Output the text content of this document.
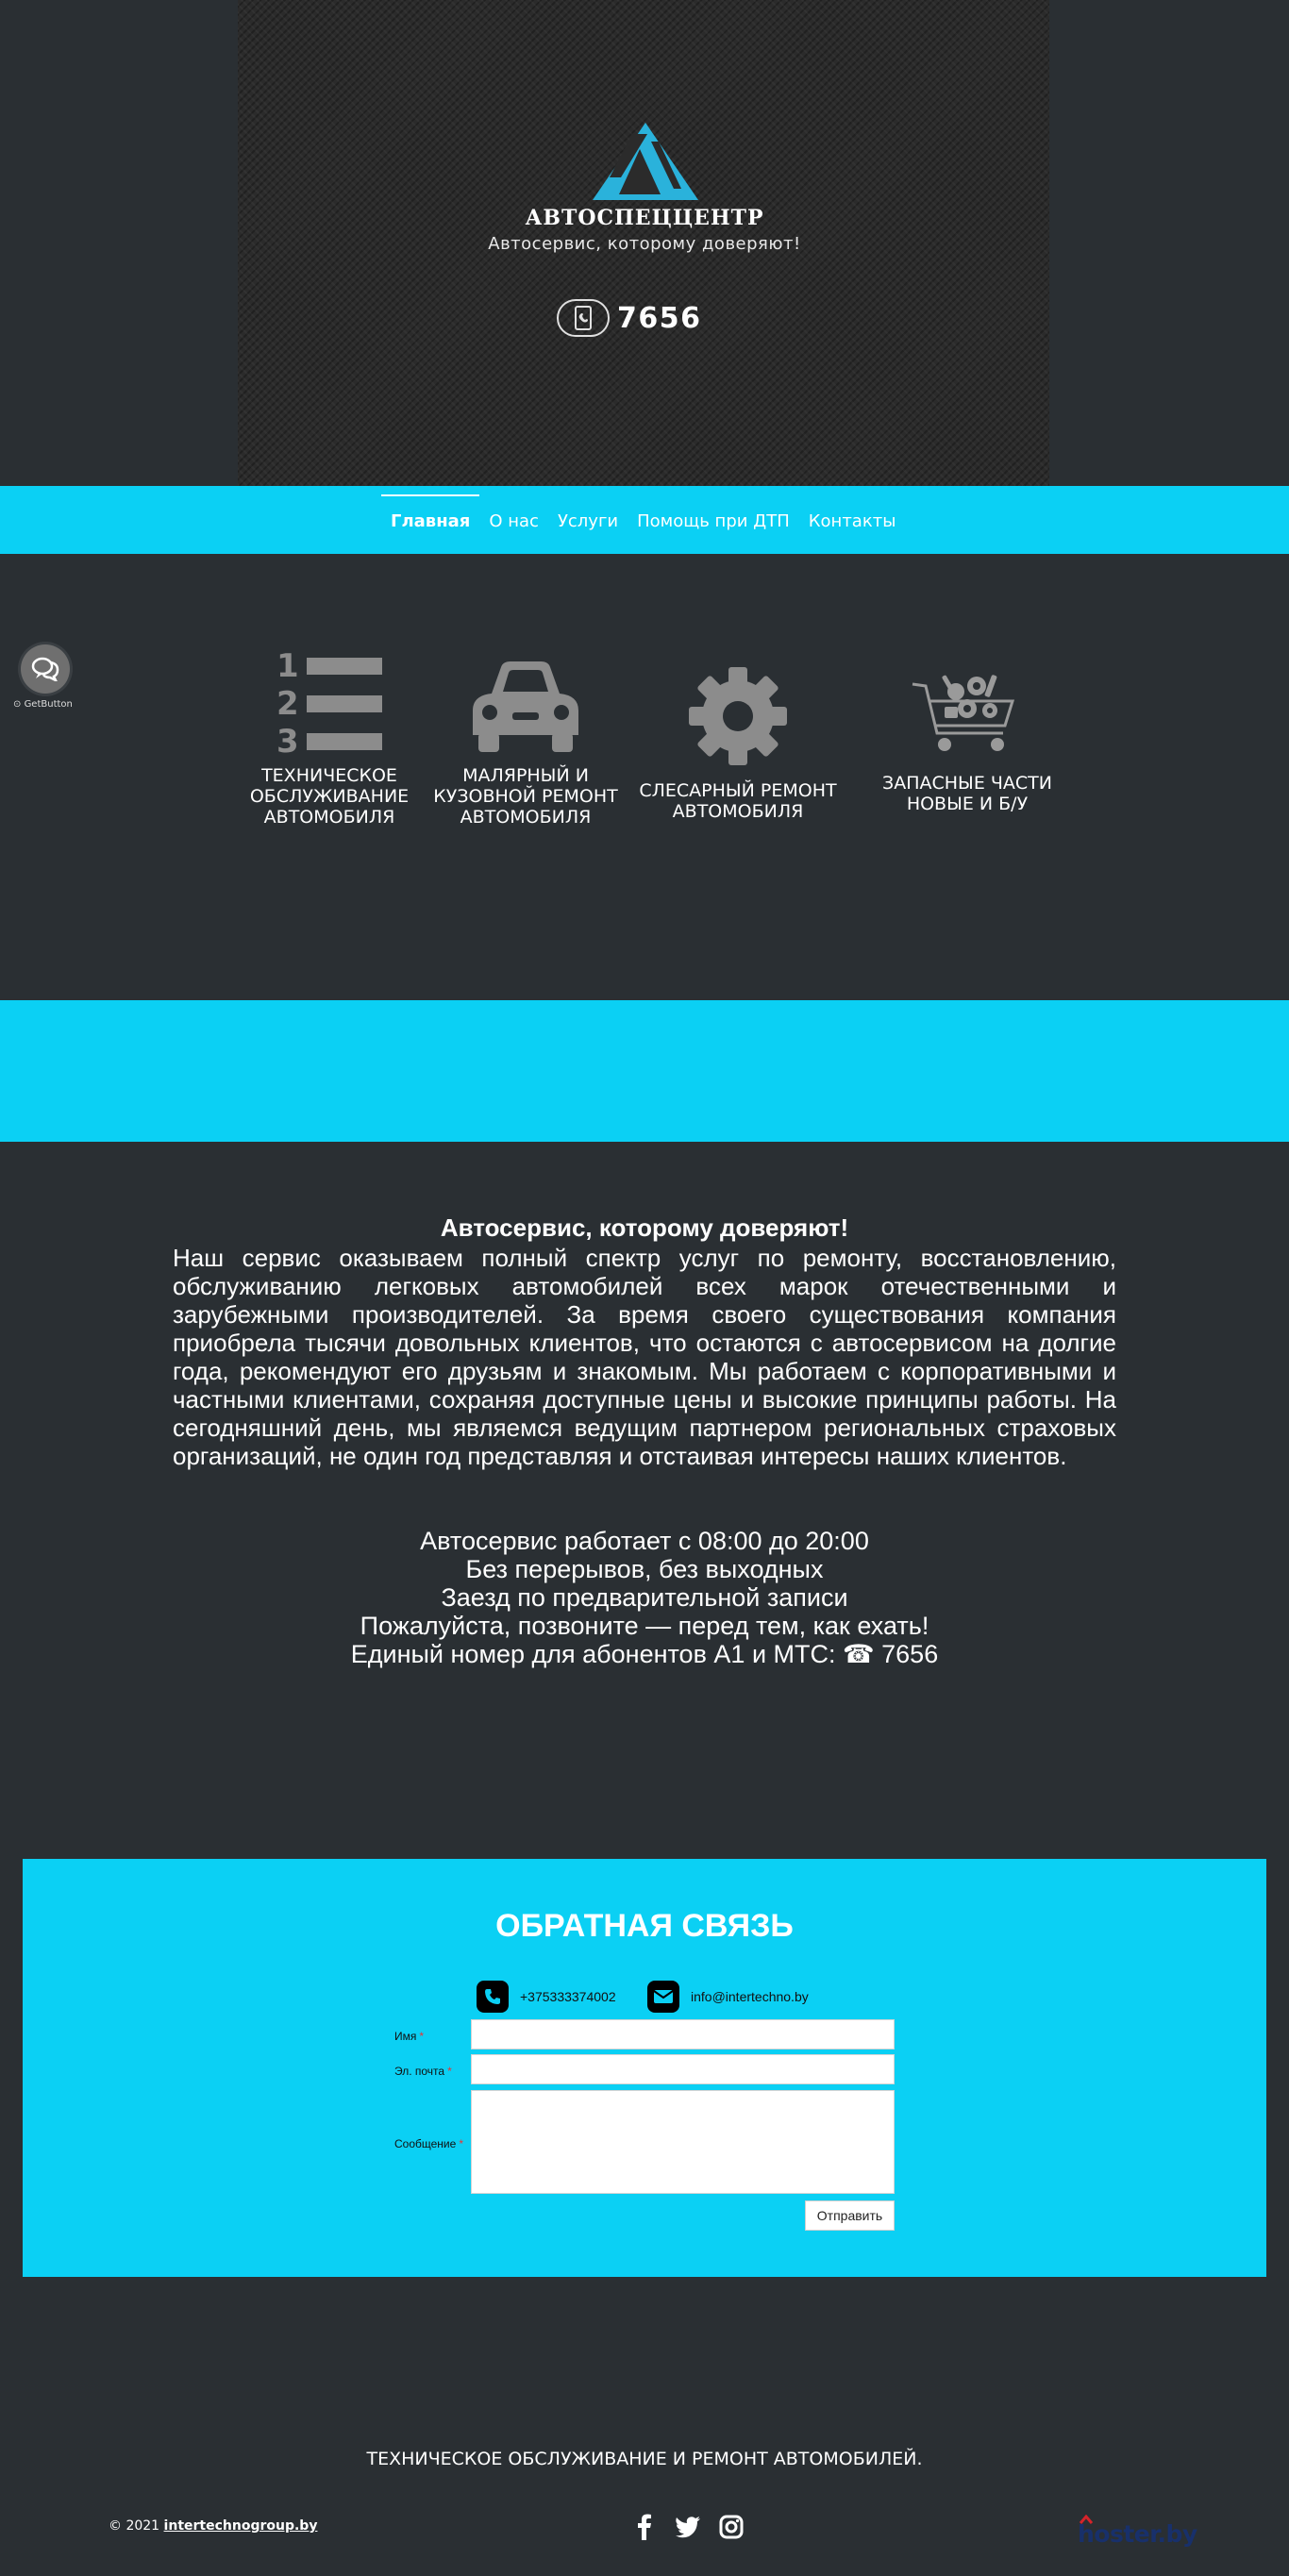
АВТОСПЕЦЦЕНТР
Автосервис, которому доверяют!
7656
Главная О нас Услуги Помощь при ДТП Контакты
1
2
3
ТЕХНИЧЕСКОЕ
ОБСЛУЖИВАНИЕ
АВТОМОБИЛЯ
МАЛЯРНЫЙ И
КУЗОВНОЙ РЕМОНТ
АВТОМОБИЛЯ
СЛЕСАРНЫЙ РЕМОНТ
АВТОМОБИЛЯ
ЗАПАСНЫЕ ЧАСТИ
НОВЫЕ И Б/У
Автосервис, которому доверяют!
Наш сервис оказываем полный спектр услуг по ремонту, восстановлению, обслуживанию легковых автомобилей всех марок отечественными и зарубежными производителей. За время своего существования компания приобрела тысячи довольных клиентов, что остаются с автосервисом на долгие года, рекомендуют его друзьям и знакомым. Мы работаем с корпоративными и частными клиентами, сохраняя доступные цены и высокие принципы работы. На сегодняшний день, мы являемся ведущим партнером региональных страховых организаций, не один год представляя и отстаивая интересы наших клиентов.
Автосервис работает с 08:00 до 20:00
Без перерывов, без выходных
Заезд по предварительной записи
Пожалуйста, позвоните — перед тем, как ехать!
Единый номер для абонентов А1 и МТС: ☎ 7656
ОБРАТНАЯ СВЯЗЬ
+375333374002	info@intertechno.by
Имя *
Эл. почта *
Сообщение *
Отправить
ТЕХНИЧЕСКОЕ ОБСЛУЖИВАНИЕ И РЕМОНТ АВТОМОБИЛЕЙ.
© 2021 intertechnogroup.by	hoster.by
⊙ GetButton
